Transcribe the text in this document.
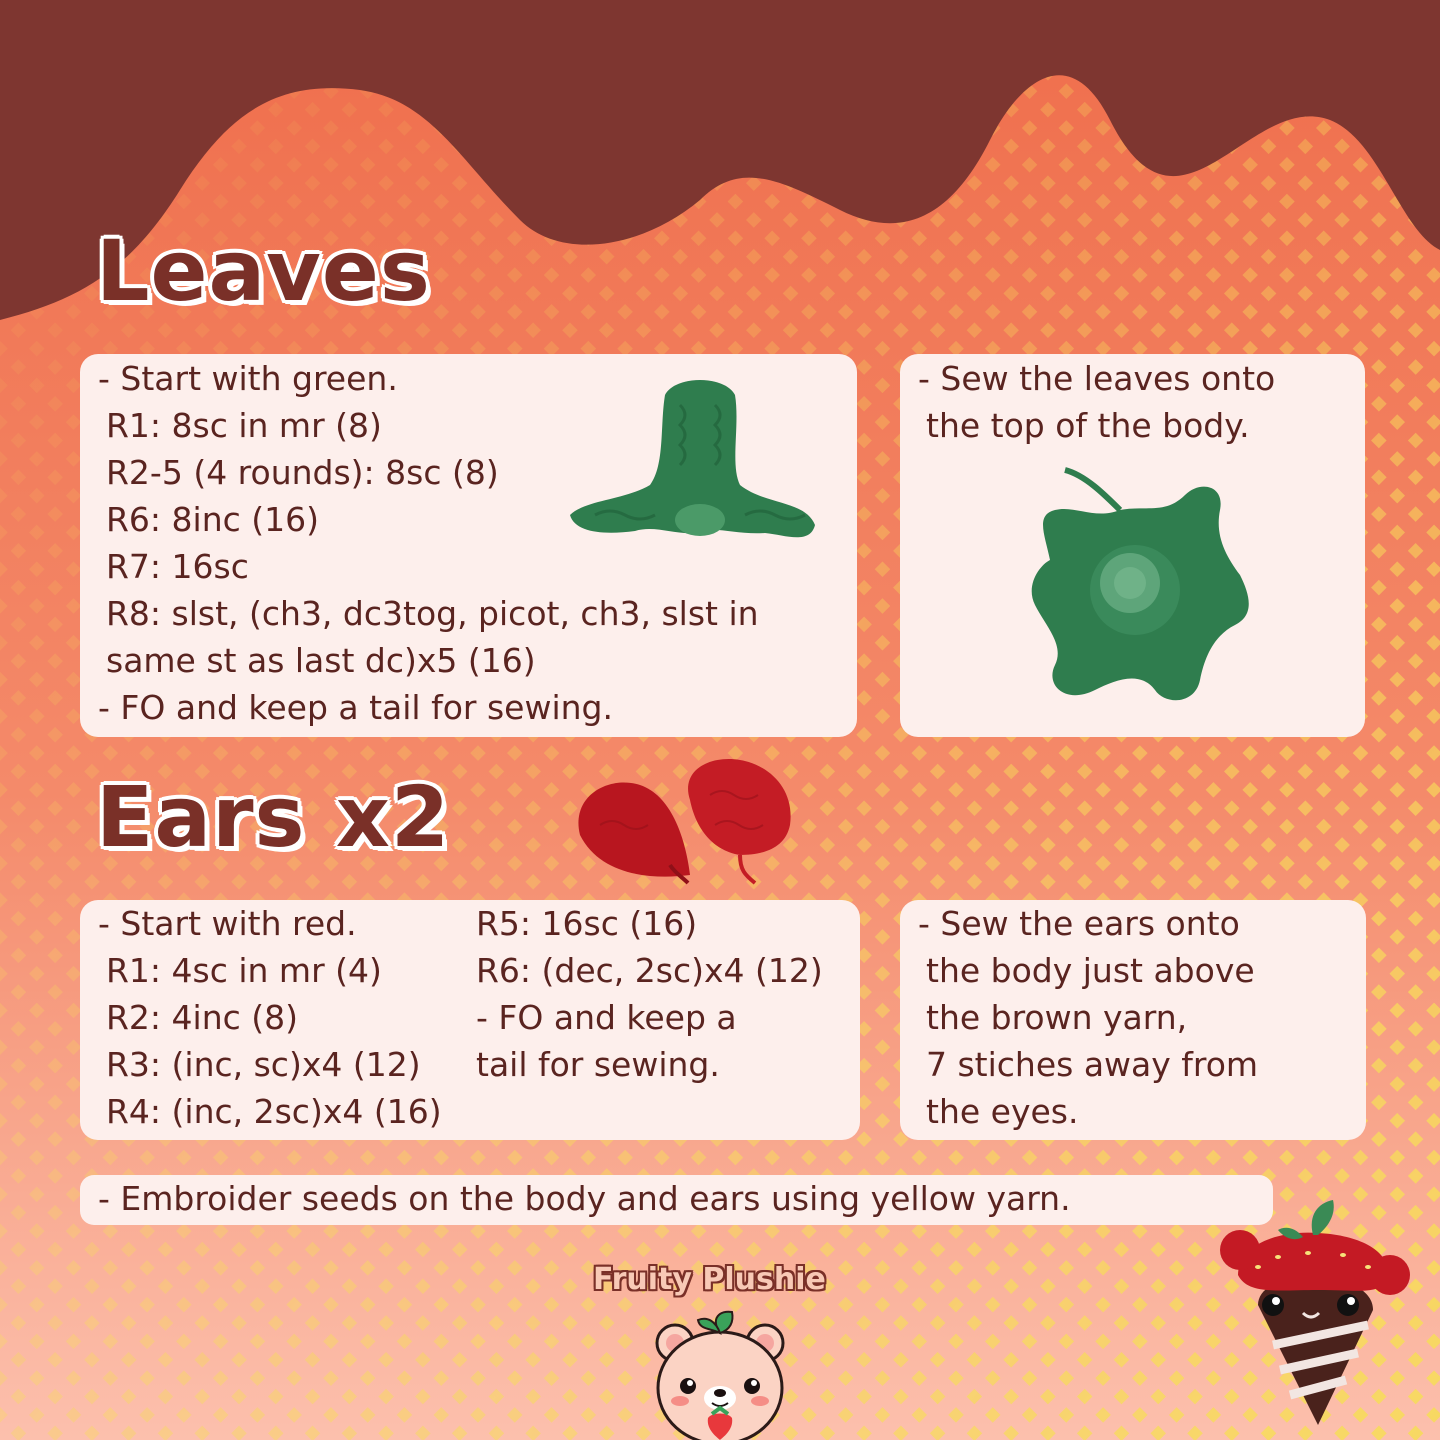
Leaves
Ears x2
- Start with green.
R1: 8sc in mr (8)
R2-5 (4 rounds): 8sc (8)
R6: 8inc (16)
R7: 16sc
R8: slst, (ch3, dc3tog, picot, ch3, slst in
same st as last dc)x5 (16)
- FO and keep a tail for sewing.
- Sew the leaves onto
the top of the body.
- Start with red.
R1: 4sc in mr (4)
R2: 4inc (8)
R3: (inc, sc)x4 (12)
R4: (inc, 2sc)x4 (16)
R5: 16sc (16)
R6: (dec, 2sc)x4 (12)
- FO and keep a
tail for sewing.
- Sew the ears onto
the body just above
the brown yarn,
7 stiches away from
the eyes.
- Embroider seeds on the body and ears using yellow yarn.
Fruity Plushie
